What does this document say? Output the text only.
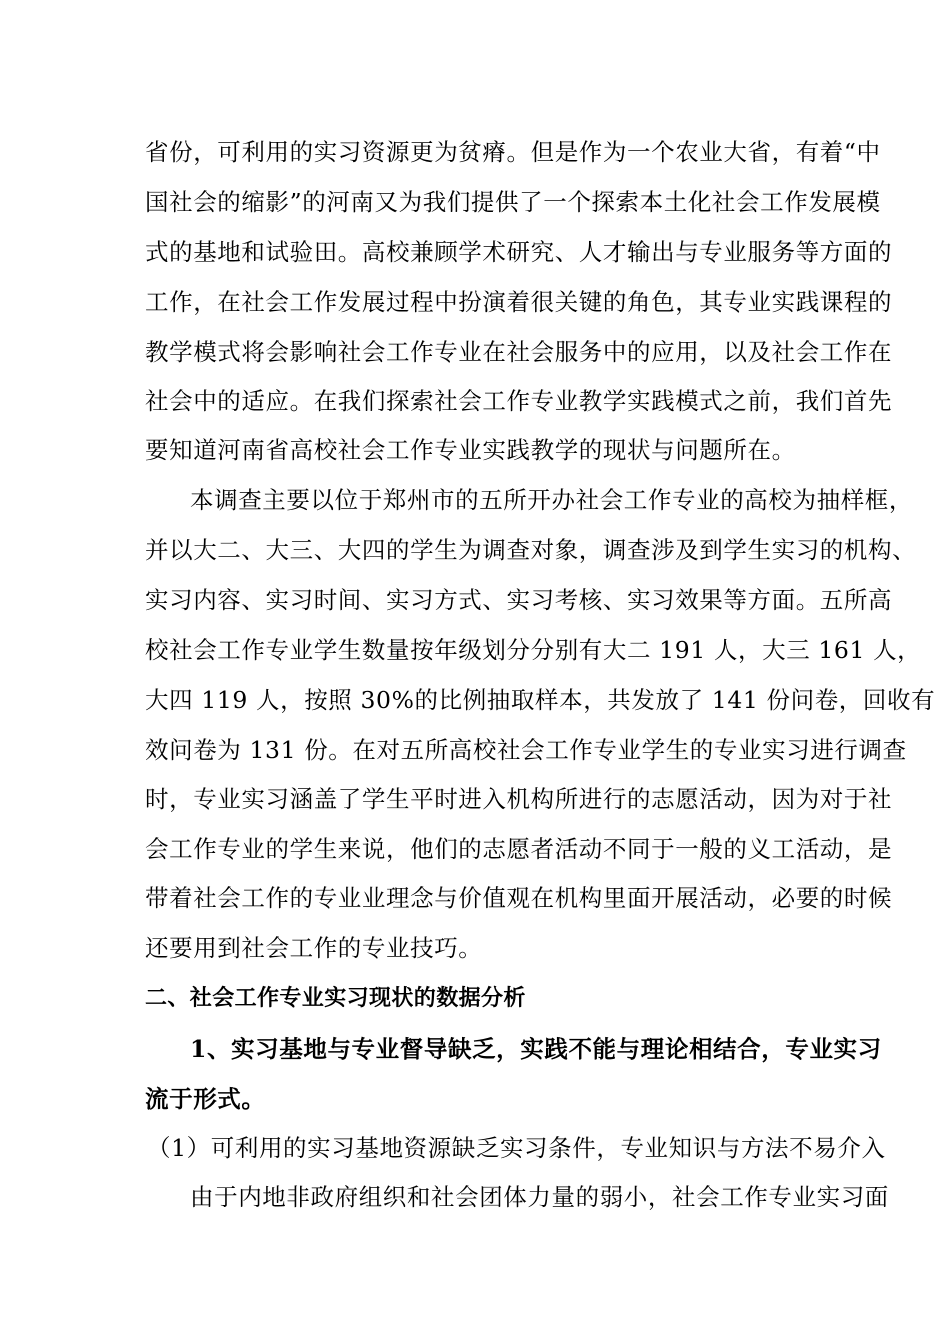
省份，可利用的实习资源更为贫瘠。但是作为一个农业大省，有着“中
国社会的缩影”的河南又为我们提供了一个探索本土化社会工作发展模
式的基地和试验田。高校兼顾学术研究、人才输出与专业服务等方面的
工作，在社会工作发展过程中扮演着很关键的角色，其专业实践课程的
教学模式将会影响社会工作专业在社会服务中的应用，以及社会工作在
社会中的适应。在我们探索社会工作专业教学实践模式之前，我们首先
要知道河南省高校社会工作专业实践教学的现状与问题所在。
本调查主要以位于郑州市的五所开办社会工作专业的高校为抽样框，
并以大二、大三、大四的学生为调查对象，调查涉及到学生实习的机构、
实习内容、实习时间、实习方式、实习考核、实习效果等方面。五所高
校社会工作专业学生数量按年级划分分别有大二 191 人，大三 161 人，
大四 119 人，按照 30%的比例抽取样本，共发放了 141 份问卷，回收有
效问卷为 131 份。在对五所高校社会工作专业学生的专业实习进行调查
时，专业实习涵盖了学生平时进入机构所进行的志愿活动，因为对于社
会工作专业的学生来说，他们的志愿者活动不同于一般的义工活动，是
带着社会工作的专业业理念与价值观在机构里面开展活动，必要的时候
还要用到社会工作的专业技巧。
二、社会工作专业实习现状的数据分析
1、实习基地与专业督导缺乏，实践不能与理论相结合，专业实习
流于形式。
（1）可利用的实习基地资源缺乏实习条件，专业知识与方法不易介入
由于内地非政府组织和社会团体力量的弱小，社会工作专业实习面
